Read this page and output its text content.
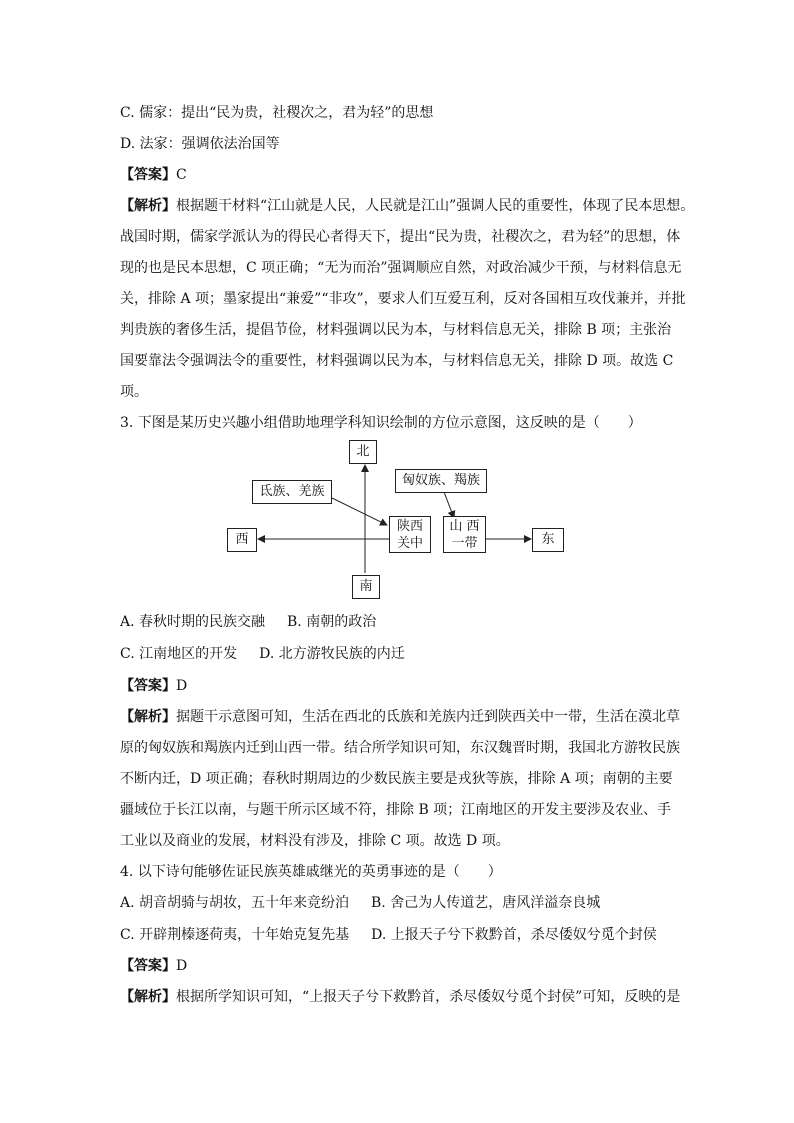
C. 儒家：提出“民为贵，社稷次之，君为轻”的思想
D. 法家：强调依法治国等
【答案】C
【解析】根据题干材料“江山就是人民，人民就是江山”强调人民的重要性，体现了民本思想。
战国时期，儒家学派认为的得民心者得天下，提出“民为贵，社稷次之，君为轻”的思想，体
现的也是民本思想，C 项正确；“无为而治”强调顺应自然，对政治减少干预，与材料信息无
关，排除 A 项；墨家提出“兼爱”“非攻”，要求人们互爱互利，反对各国相互攻伐兼并，并批
判贵族的奢侈生活，提倡节俭，材料强调以民为本，与材料信息无关，排除 B 项；主张治
国要靠法令强调法令的重要性，材料强调以民为本，与材料信息无关，排除 D 项。故选 C
项。
3. 下图是某历史兴趣小组借助地理学科知识绘制的方位示意图，这反映的是（　　）
北
南
西	东
氐族、羌族
匈奴族、羯族
陕西
关中
山 西
一带
A. 春秋时期的民族交融 B. 南朝的政治
C. 江南地区的开发 D. 北方游牧民族的内迁
【答案】D
【解析】据题干示意图可知，生活在西北的氐族和羌族内迁到陕西关中一带，生活在漠北草
原的匈奴族和羯族内迁到山西一带。结合所学知识可知，东汉魏晋时期，我国北方游牧民族
不断内迁，D 项正确；春秋时期周边的少数民族主要是戎狄等族，排除 A 项；南朝的主要
疆域位于长江以南，与题干所示区域不符，排除 B 项；江南地区的开发主要涉及农业、手
工业以及商业的发展，材料没有涉及，排除 C 项。故选 D 项。
4. 以下诗句能够佐证民族英雄戚继光的英勇事迹的是（　　）
A. 胡音胡骑与胡妆，五十年来竞纷泊 B. 舍己为人传道艺，唐风洋溢奈良城
C. 开辟荆榛逐荷夷，十年始克复先基 D. 上报天子兮下救黔首，杀尽倭奴兮觅个封侯
【答案】D
【解析】根据所学知识可知，“上报天子兮下救黔首，杀尽倭奴兮觅个封侯”可知，反映的是
